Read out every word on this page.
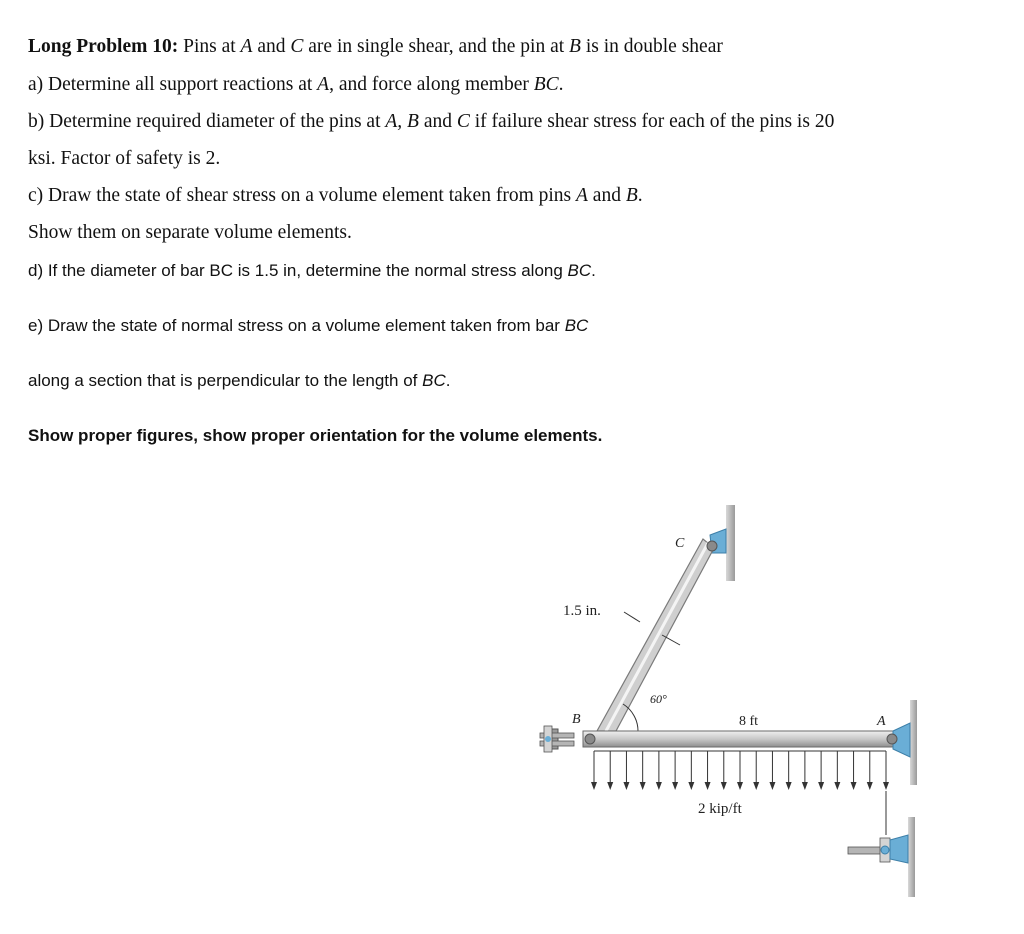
Long Problem 10: Pins at A and C are in single shear, and the pin at B is in double shear
a) Determine all support reactions at A, and force along member BC.
b) Determine required diameter of the pins at A, B and C if failure shear stress for each of the pins is 20
ksi. Factor of safety is 2.
c) Draw the state of shear stress on a volume element taken from pins A and B.
Show them on separate volume elements.
d) If the diameter of bar BC is 1.5 in, determine the normal stress along BC.
e) Draw the state of normal stress on a volume element taken from bar BC
along a section that is perpendicular to the length of BC.
Show proper figures, show proper orientation for the volume elements.
C
B	A
1.5 in.
60°
8 ft
2 kip/ft
